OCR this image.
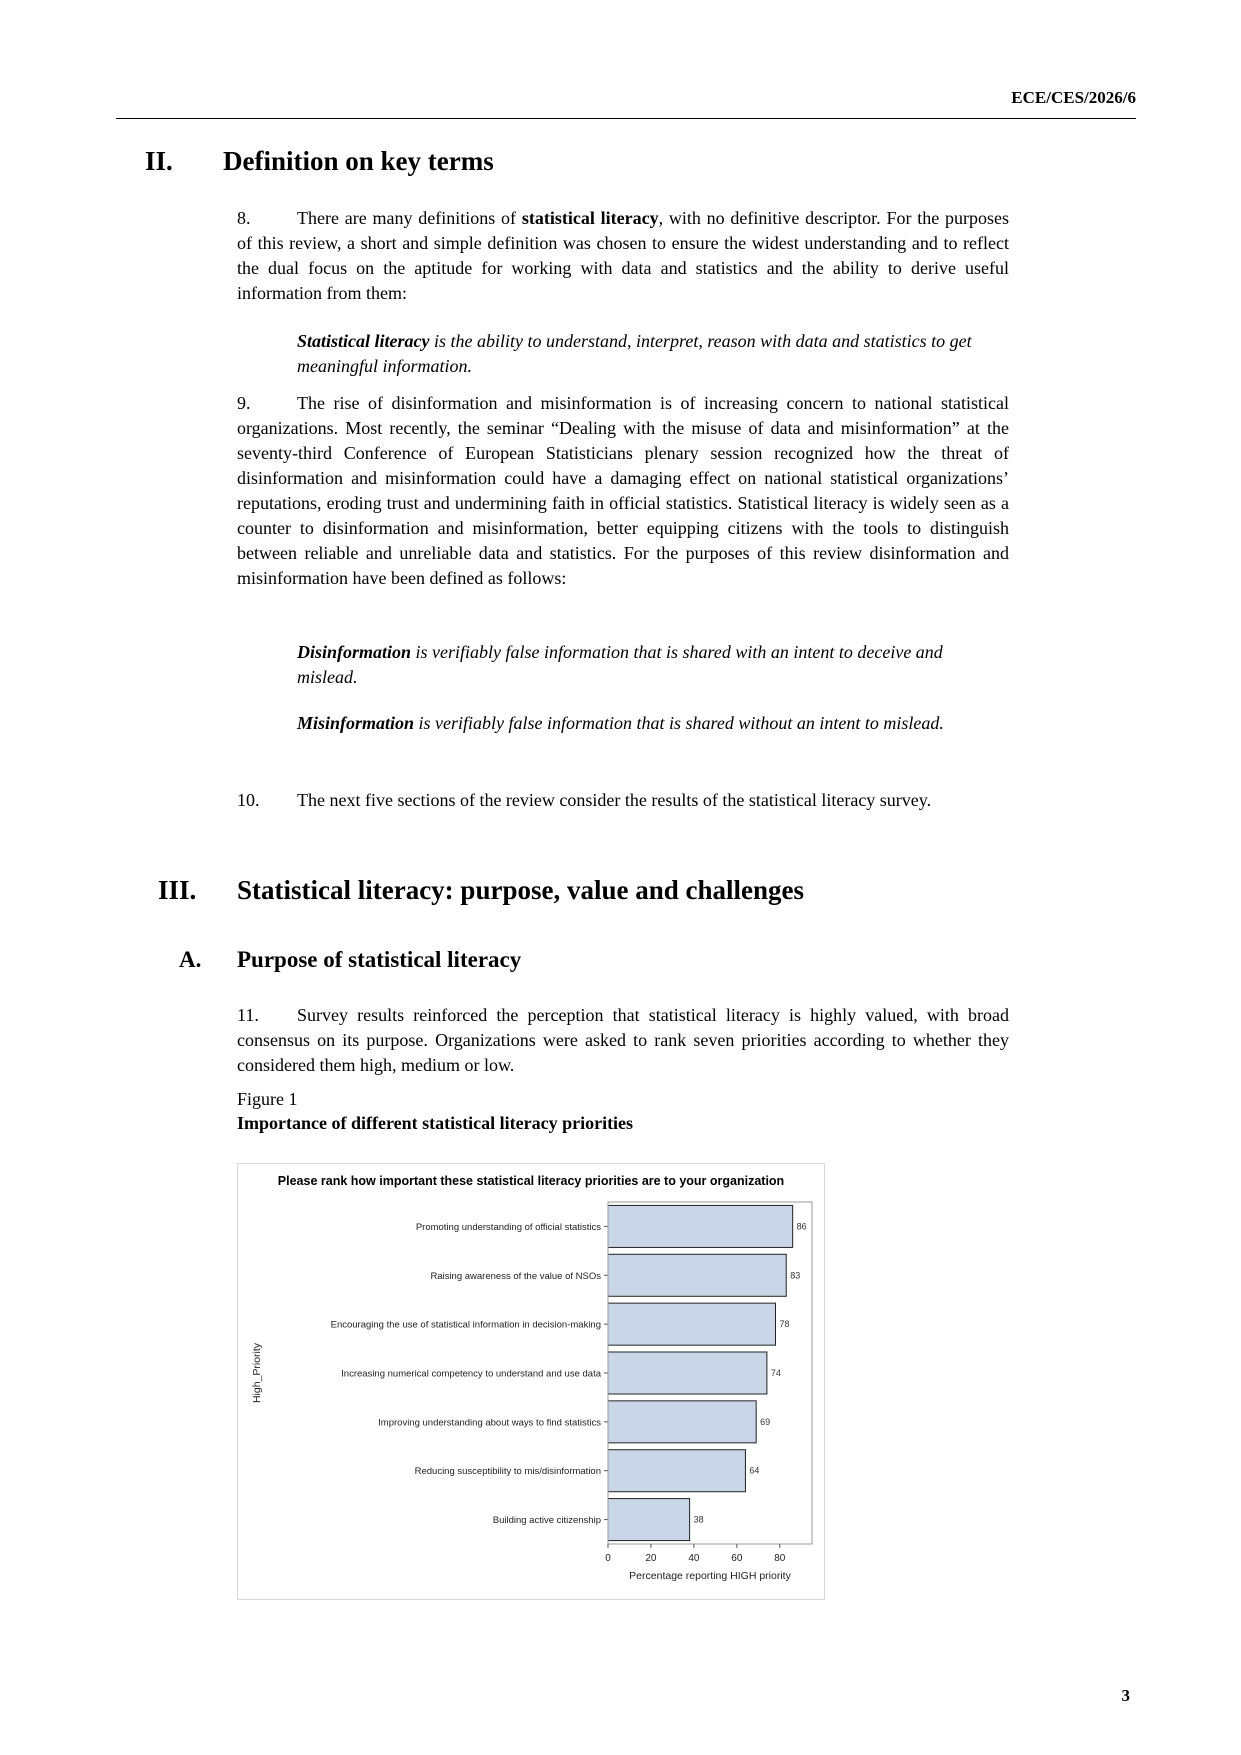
ECE/CES/2026/6
II. Definition on key terms

8.	There are many definitions of statistical literacy, with no definitive descriptor. For the purposes of this review, a short and simple definition was chosen to ensure the widest understanding and to reflect the dual focus on the aptitude for working with data and statistics and the ability to derive useful information from them:

Statistical literacy is the ability to understand, interpret, reason with data and statistics to get meaningful information.

9.	The rise of disinformation and misinformation is of increasing concern to national statistical organizations. Most recently, the seminar “Dealing with the misuse of data and misinformation” at the seventy-third Conference of European Statisticians plenary session recognized how the threat of disinformation and misinformation could have a damaging effect on national statistical organizations’ reputations, eroding trust and undermining faith in official statistics. Statistical literacy is widely seen as a counter to disinformation and misinformation, better equipping citizens with the tools to distinguish between reliable and unreliable data and statistics. For the purposes of this review disinformation and misinformation have been defined as follows:

Disinformation is verifiably false information that is shared with an intent to deceive and mislead.

Misinformation is verifiably false information that is shared without an intent to mislead.

10. The next five sections of the review consider the results of the statistical literacy survey.

III. Statistical literacy: purpose, value and challenges
A. Purpose of statistical literacy

11. Survey results reinforced the perception that statistical literacy is highly valued, with broad consensus on its purpose. Organizations were asked to rank seven priorities according to whether they considered them high, medium or low.

Figure 1
Importance of different statistical literacy priorities
Please rank how important these statistical literacy priorities are to your organization
86
Promoting understanding of official statistics
83
Raising awareness of the value of NSOs
78
Encouraging the use of statistical information in decision-making
74
Increasing numerical competency to understand and use data
69
Improving understanding about ways to find statistics
64
Reducing susceptibility to mis/disinformation
38
Building active citizenship
0	20	40	60	80
Percentage reporting HIGH priority
High_Priority
3
